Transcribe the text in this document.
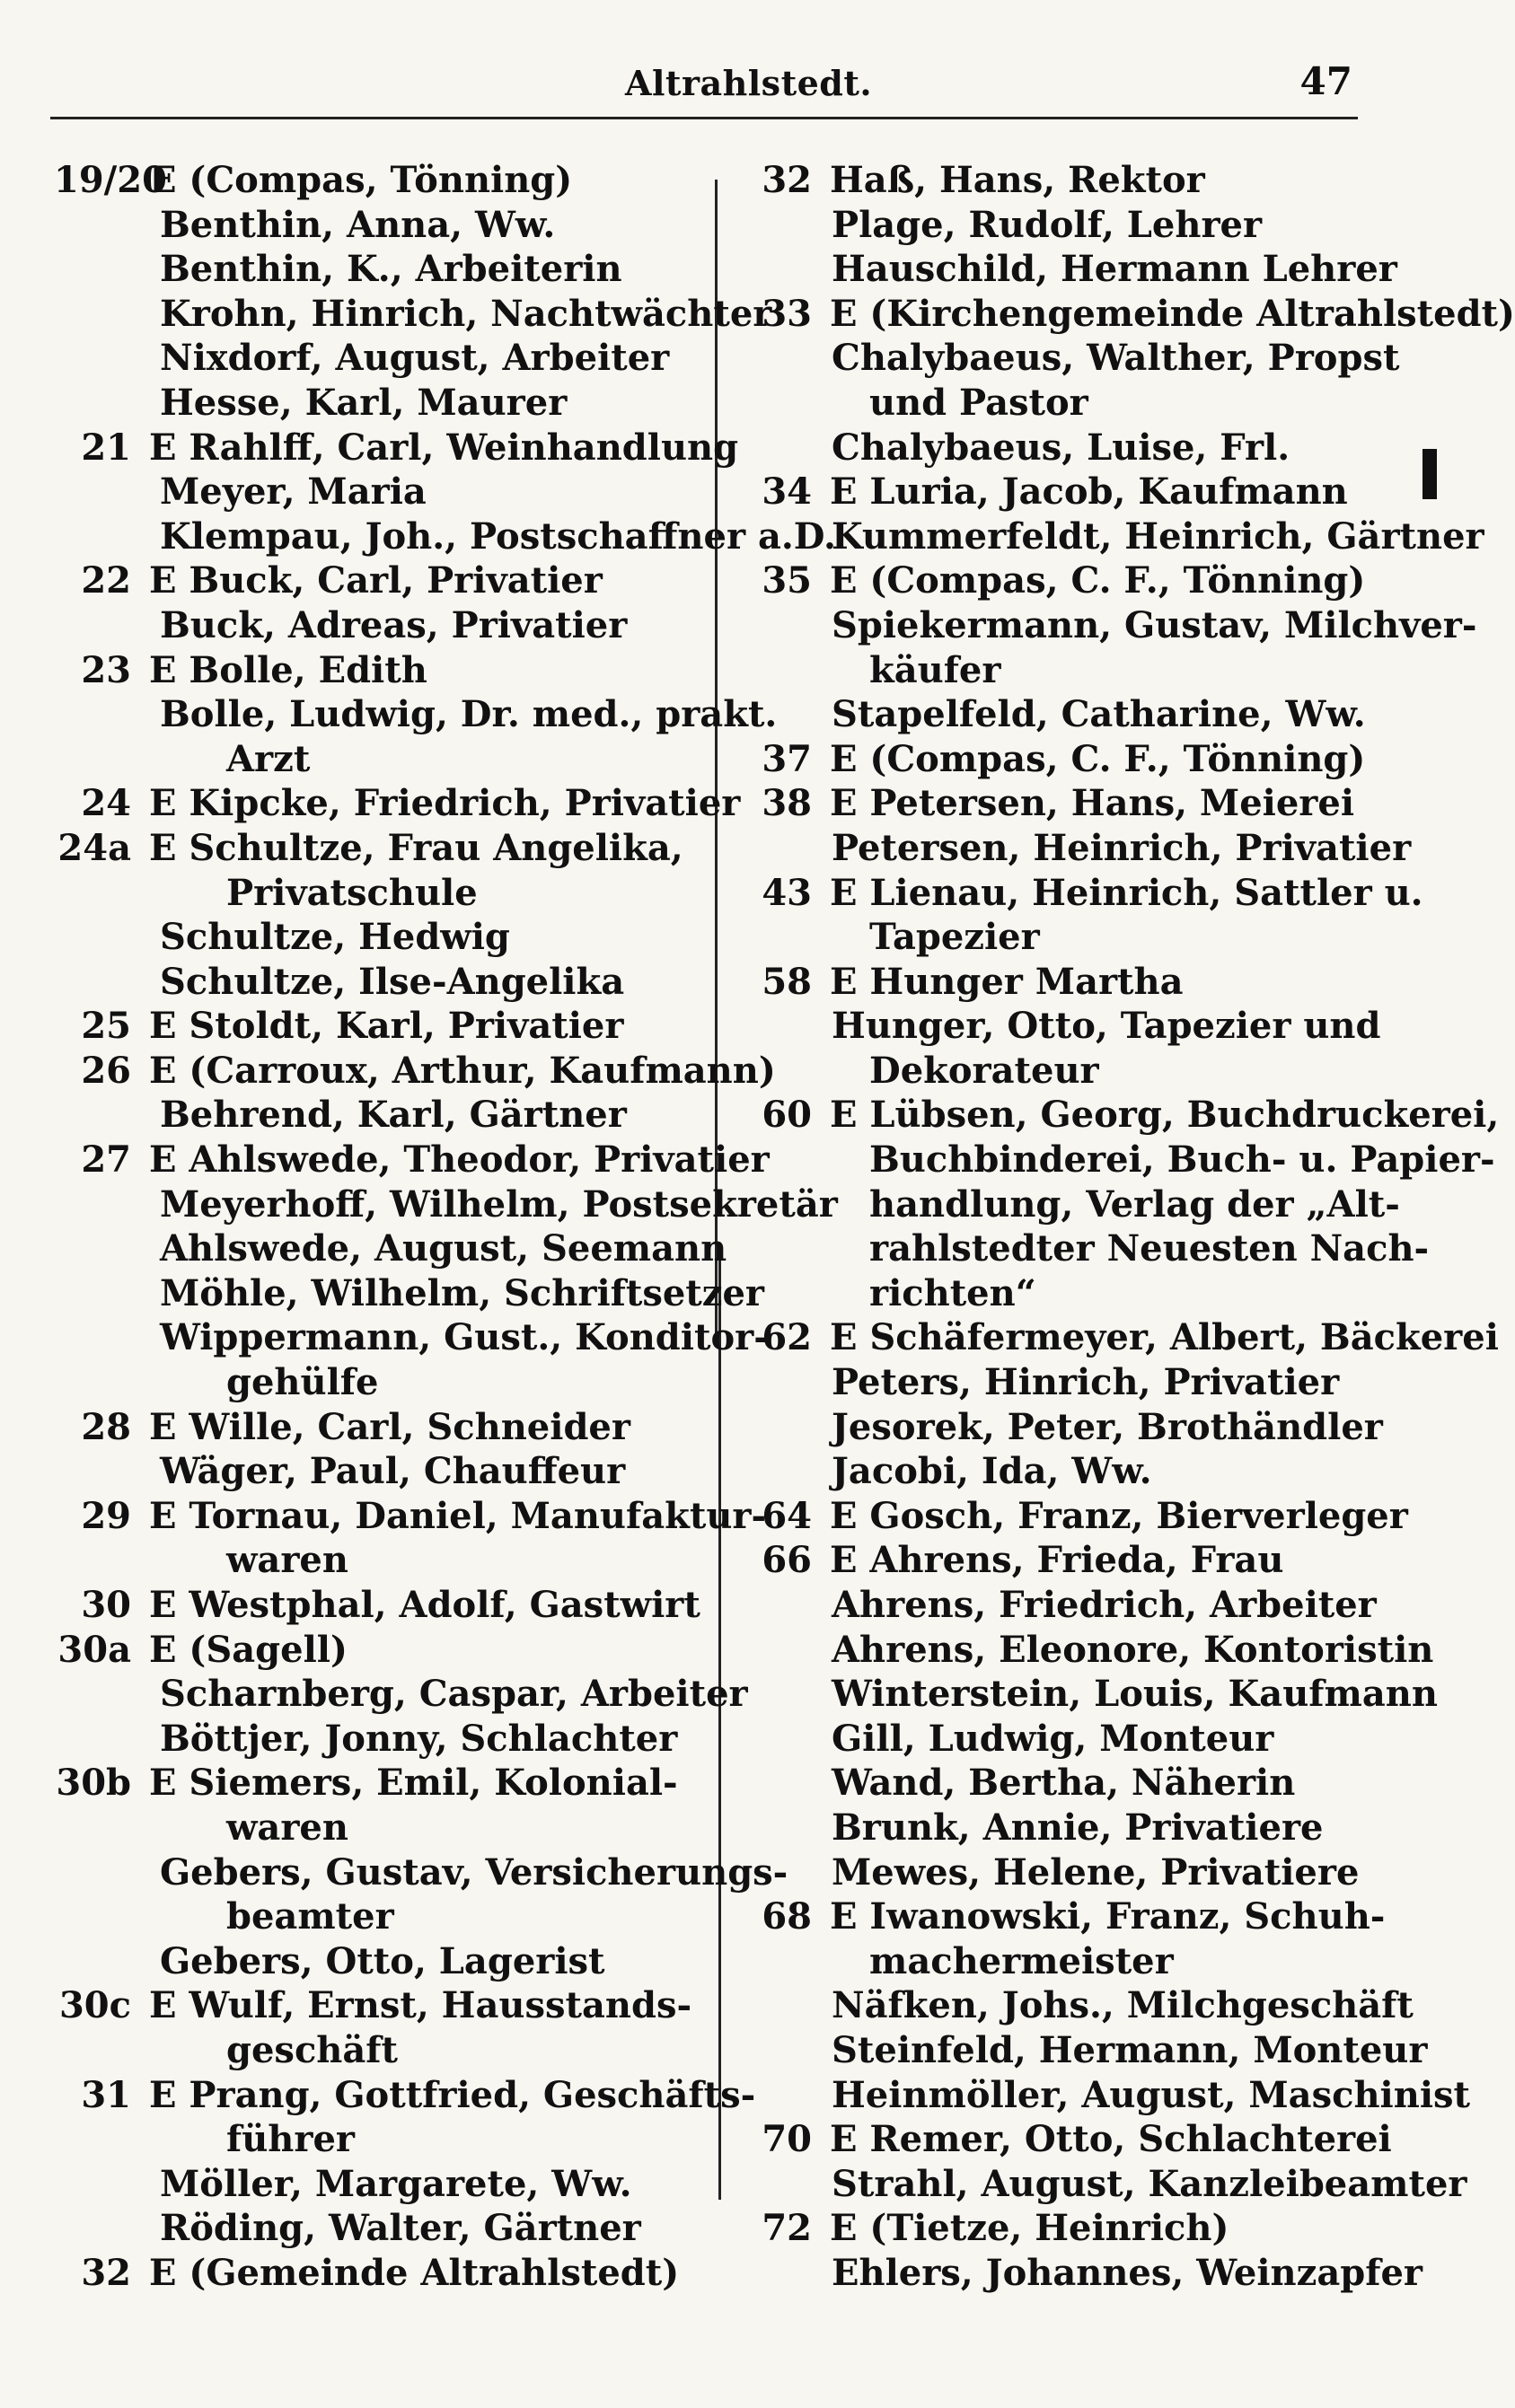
Altrahlstedt.	47
19/20E (Compas, Tönning)
Benthin, Anna, Ww.
Benthin, K., Arbeiterin
Krohn, Hinrich, Nachtwächter
Nixdorf, August, Arbeiter
Hesse, Karl, Maurer
21 E Rahlff, Carl, Weinhandlung
Meyer, Maria
Klempau, Joh., Postschaffner a.D.
22 E Buck, Carl, Privatier
Buck, Adreas, Privatier
23 E Bolle, Edith
Bolle, Ludwig, Dr. med., prakt.
Arzt
24 E Kipcke, Friedrich, Privatier
24a E Schultze, Frau Angelika,
Privatschule
Schultze, Hedwig
Schultze, Ilse-Angelika
25 E Stoldt, Karl, Privatier
26 E (Carroux, Arthur, Kaufmann)
Behrend, Karl, Gärtner
27 E Ahlswede, Theodor, Privatier
Meyerhoff, Wilhelm, Postsekretär
Ahlswede, August, Seemann
Möhle, Wilhelm, Schriftsetzer
Wippermann, Gust., Konditor-
gehülfe
28 E Wille, Carl, Schneider
Wäger, Paul, Chauffeur
29 E Tornau, Daniel, Manufaktur-
waren
30 E Westphal, Adolf, Gastwirt
30a E (Sagell)
Scharnberg, Caspar, Arbeiter
Böttjer, Jonny, Schlachter
30b E Siemers, Emil, Kolonial-
waren
Gebers, Gustav, Versicherungs-
beamter
Gebers, Otto, Lagerist
30c E Wulf, Ernst, Hausstands-
geschäft
31 E Prang, Gottfried, Geschäfts-
führer
Möller, Margarete, Ww.
Röding, Walter, Gärtner
32 E (Gemeinde Altrahlstedt)
32 Haß, Hans, Rektor
Plage, Rudolf, Lehrer
Hauschild, Hermann Lehrer
33 E (Kirchengemeinde Altrahlstedt)
Chalybaeus, Walther, Propst
und Pastor
Chalybaeus, Luise, Frl.
34 E Luria, Jacob, Kaufmann
Kummerfeldt, Heinrich, Gärtner
35 E (Compas, C. F., Tönning)
Spiekermann, Gustav, Milchver-
käufer
Stapelfeld, Catharine, Ww.
37 E (Compas, C. F., Tönning)
38 E Petersen, Hans, Meierei
Petersen, Heinrich, Privatier
43 E Lienau, Heinrich, Sattler u.
Tapezier
58 E Hunger Martha
Hunger, Otto, Tapezier und
Dekorateur
60 E Lübsen, Georg, Buchdruckerei,
Buchbinderei, Buch- u. Papier-
handlung, Verlag der „Alt-
rahlstedter Neuesten Nach-
richten“
62 E Schäfermeyer, Albert, Bäckerei
Peters, Hinrich, Privatier
Jesorek, Peter, Brothändler
Jacobi, Ida, Ww.
64 E Gosch, Franz, Bierverleger
66 E Ahrens, Frieda, Frau
Ahrens, Friedrich, Arbeiter
Ahrens, Eleonore, Kontoristin
Winterstein, Louis, Kaufmann
Gill, Ludwig, Monteur
Wand, Bertha, Näherin
Brunk, Annie, Privatiere
Mewes, Helene, Privatiere
68 E Iwanowski, Franz, Schuh-
machermeister
Näfken, Johs., Milchgeschäft
Steinfeld, Hermann, Monteur
Heinmöller, August, Maschinist
70 E Remer, Otto, Schlachterei
Strahl, August, Kanzleibeamter
72 E (Tietze, Heinrich)
Ehlers, Johannes, Weinzapfer
